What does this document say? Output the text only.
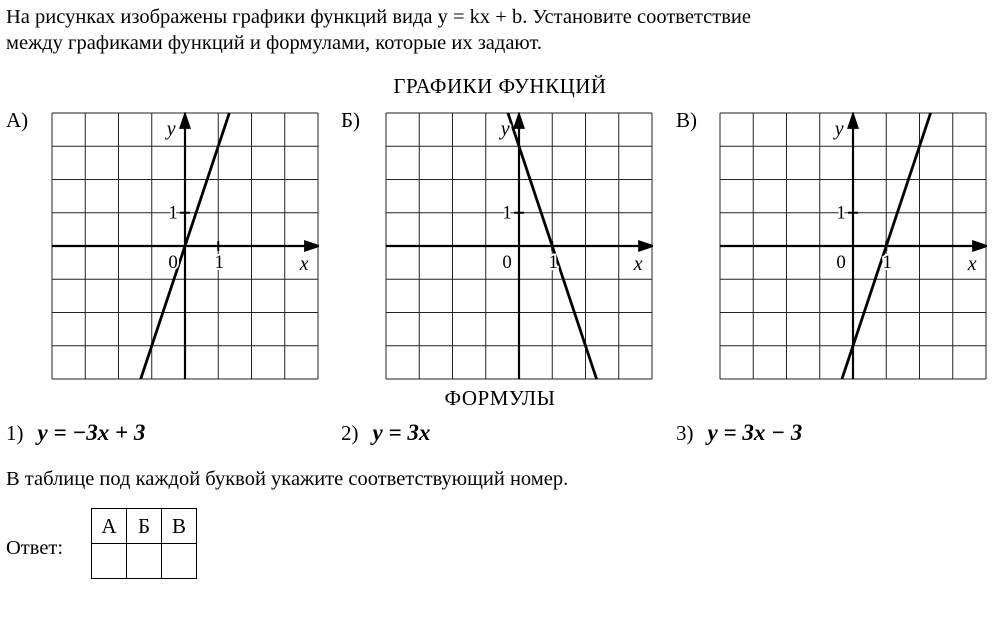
На рисунках изображены графики функций вида y = kx + b. Установите соответствие
между графиками функций и формулами, которые их задают.

ГРАФИКИ ФУНКЦИЙ
А)	Б)	В)
y
x
0 1
1
y
x
0 1
1
y
x
0 1
1
ФОРМУЛЫ
1) y = −3x + 3	2) y = 3x	3) y = 3x − 3
В таблице под каждой буквой укажите соответствующий номер.
Ответ:
А	Б	В
